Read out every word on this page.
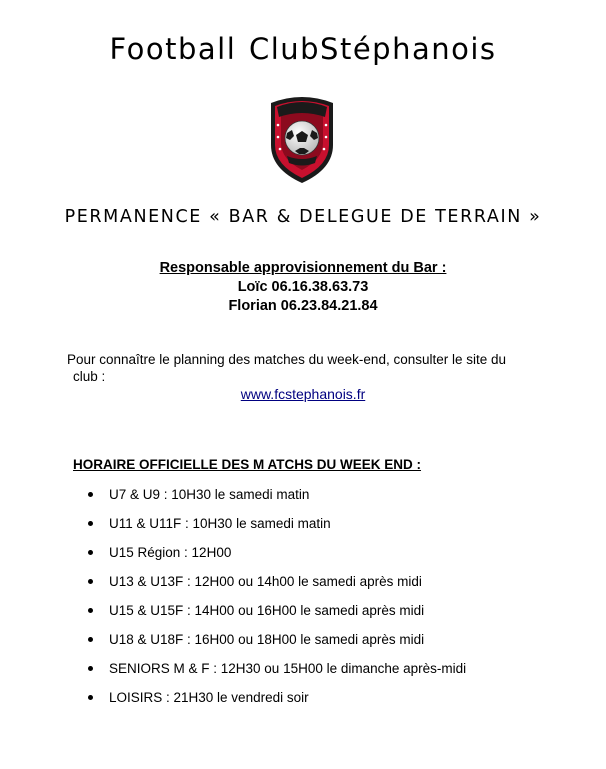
Football ClubStéphanois
PERMANENCE « BAR & DELEGUE DE TERRAIN »
Responsable approvisionnement du Bar :
Loïc 06.16.38.63.73
Florian 06.23.84.21.84
Pour connaître le planning des matches du week-end, consulter le site du
club :
www.fcstephanois.fr
HORAIRE OFFICIELLE DES M ATCHS DU WEEK END :
U7 & U9 : 10H30 le samedi matin
U11 & U11F : 10H30 le samedi matin
U15 Région : 12H00
U13 & U13F : 12H00 ou 14h00 le samedi après midi
U15 & U15F : 14H00 ou 16H00 le samedi après midi
U18 & U18F : 16H00 ou 18H00 le samedi après midi
SENIORS M & F : 12H30 ou 15H00 le dimanche après-midi
LOISIRS : 21H30 le vendredi soir
